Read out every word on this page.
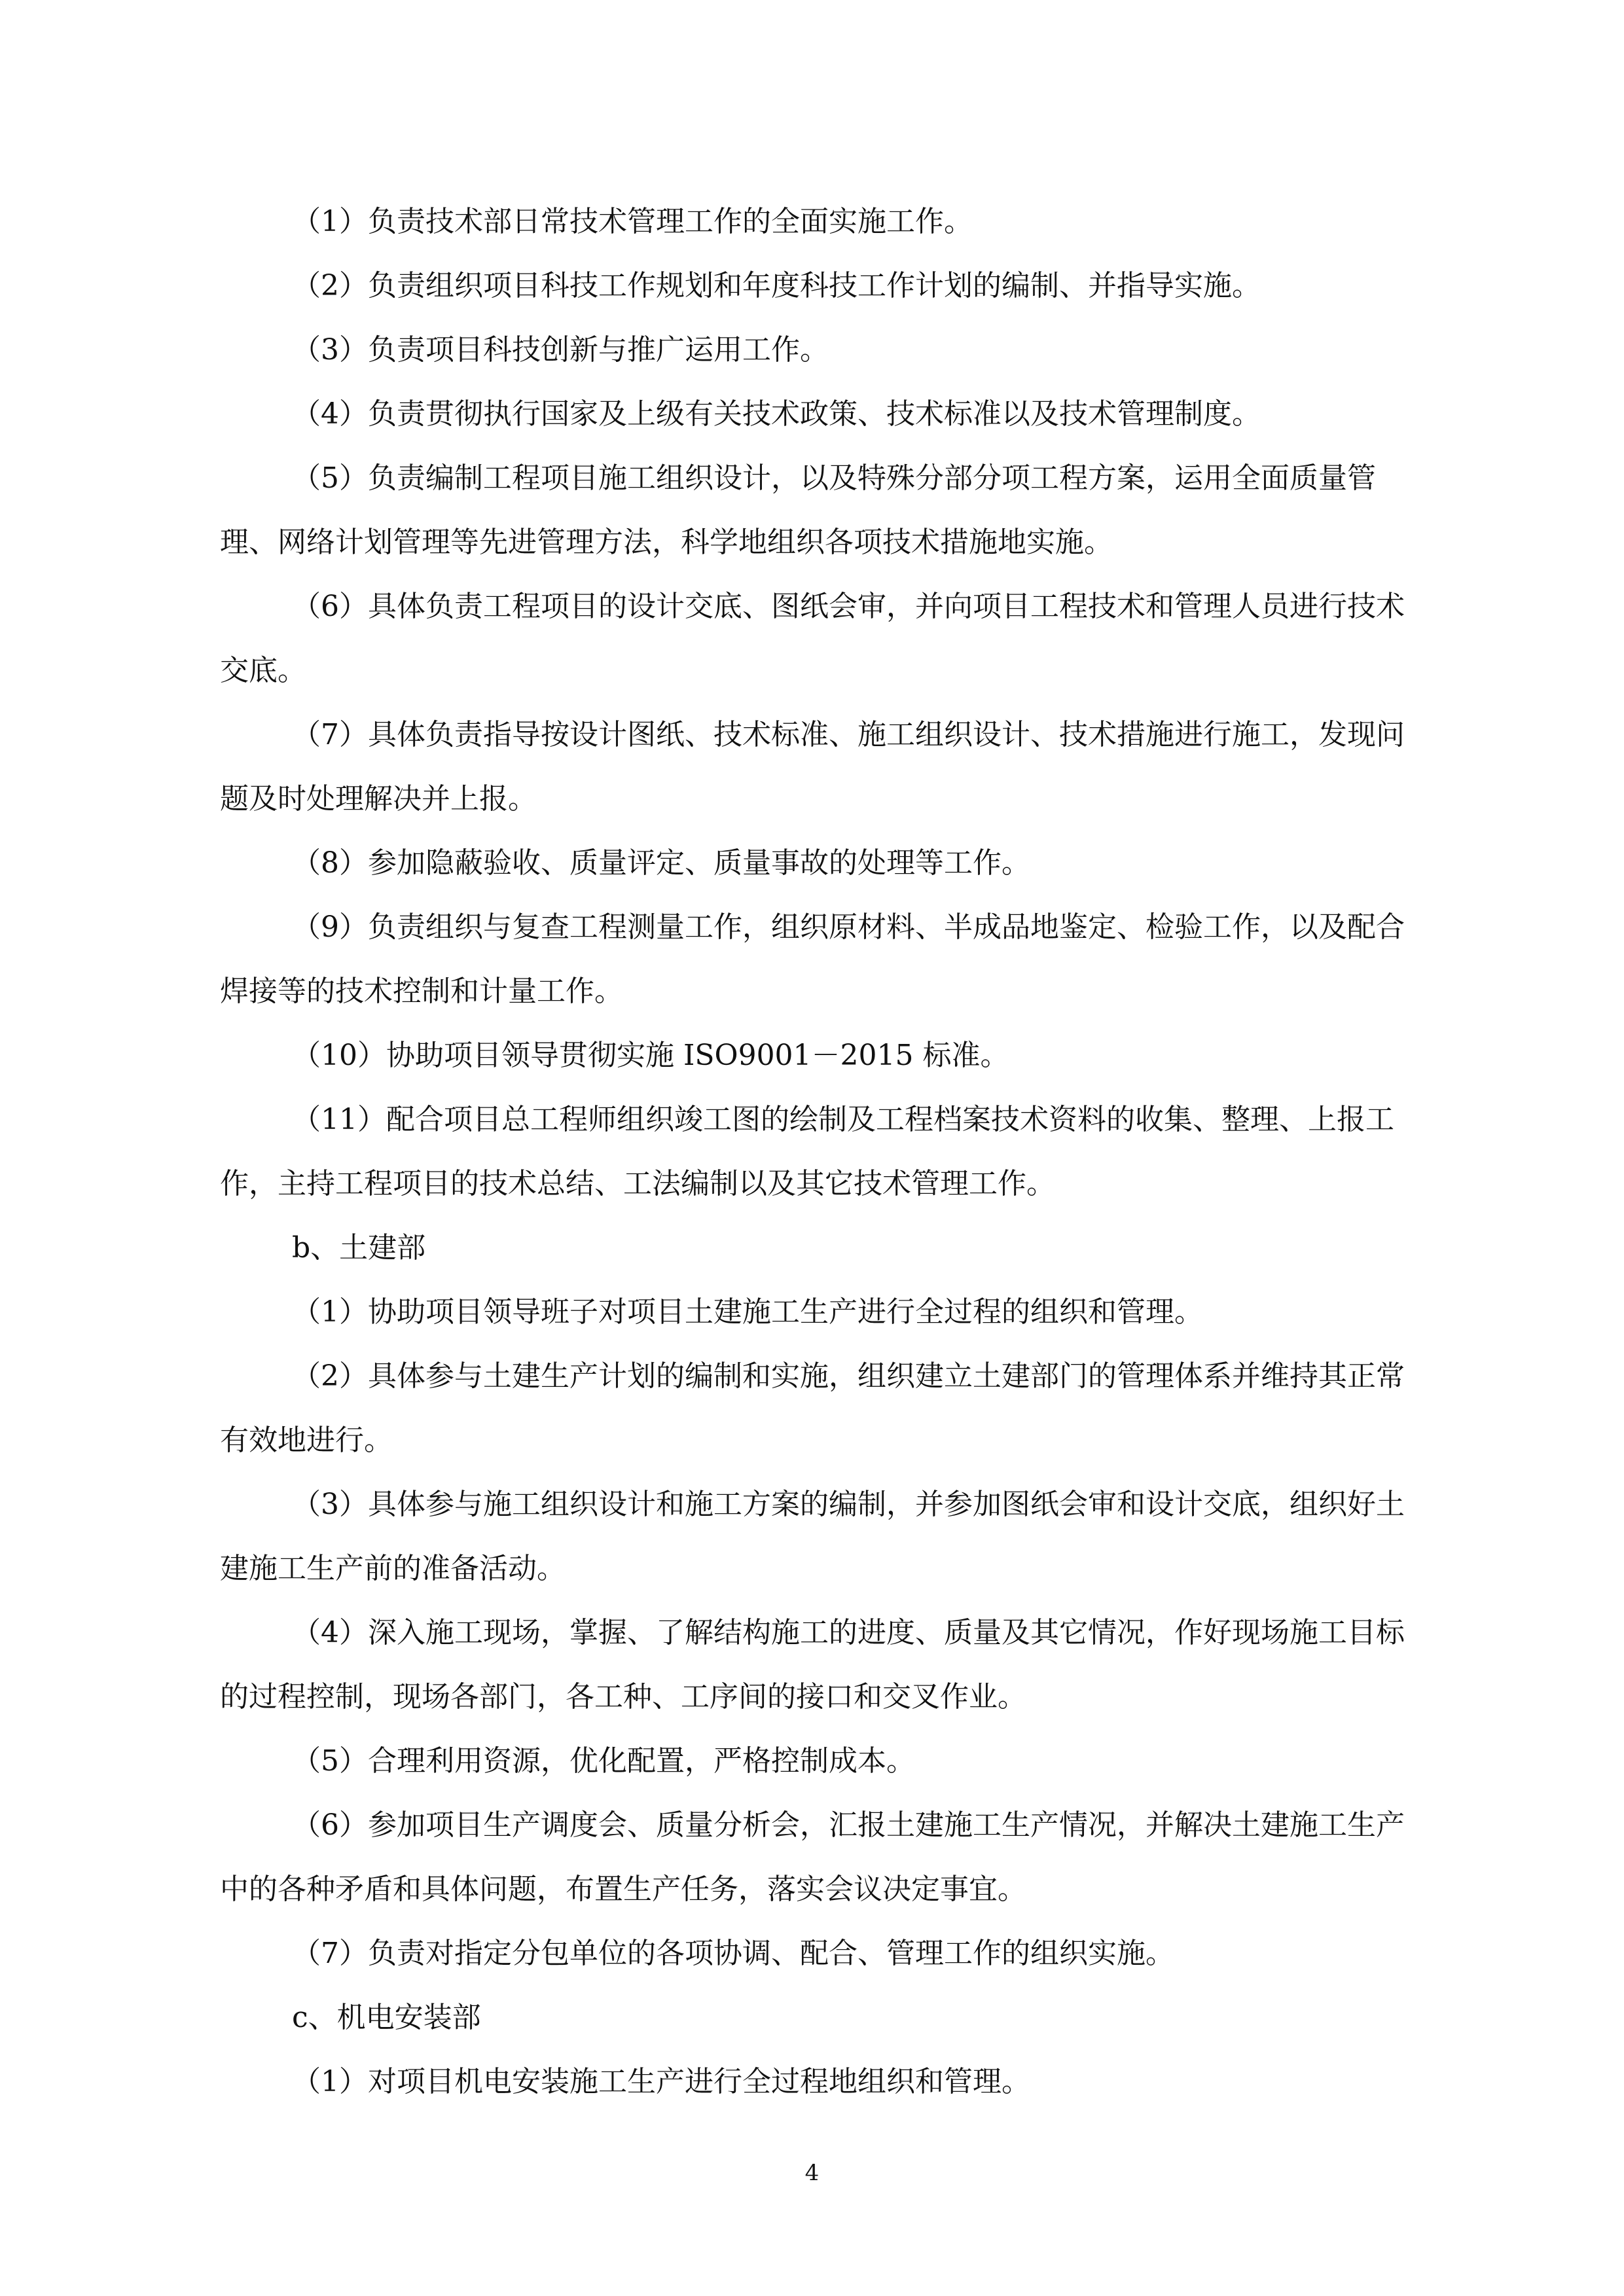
（1）负责技术部日常技术管理工作的全面实施工作。

（2）负责组织项目科技工作规划和年度科技工作计划的编制、并指导实施。

（3）负责项目科技创新与推广运用工作。

（4）负责贯彻执行国家及上级有关技术政策、技术标准以及技术管理制度。

（5）负责编制工程项目施工组织设计，以及特殊分部分项工程方案，运用全面质量管理、网络计划管理等先进管理方法，科学地组织各项技术措施地实施。

（6）具体负责工程项目的设计交底、图纸会审，并向项目工程技术和管理人员进行技术交底。

（7）具体负责指导按设计图纸、技术标准、施工组织设计、技术措施进行施工，发现问题及时处理解决并上报。

（8）参加隐蔽验收、质量评定、质量事故的处理等工作。

（9）负责组织与复查工程测量工作，组织原材料、半成品地鉴定、检验工作，以及配合焊接等的技术控制和计量工作。

（10）协助项目领导贯彻实施 ISO9001－2015 标准。

（11）配合项目总工程师组织竣工图的绘制及工程档案技术资料的收集、整理、上报工作，主持工程项目的技术总结、工法编制以及其它技术管理工作。

b、土建部

（1）协助项目领导班子对项目土建施工生产进行全过程的组织和管理。

（2）具体参与土建生产计划的编制和实施，组织建立土建部门的管理体系并维持其正常有效地进行。

（3）具体参与施工组织设计和施工方案的编制，并参加图纸会审和设计交底，组织好土建施工生产前的准备活动。

（4）深入施工现场，掌握、了解结构施工的进度、质量及其它情况，作好现场施工目标的过程控制，现场各部门，各工种、工序间的接口和交叉作业。

（5）合理利用资源，优化配置，严格控制成本。

（6）参加项目生产调度会、质量分析会，汇报土建施工生产情况，并解决土建施工生产中的各种矛盾和具体问题，布置生产任务，落实会议决定事宜。

（7）负责对指定分包单位的各项协调、配合、管理工作的组织实施。

c、机电安装部

（1）对项目机电安装施工生产进行全过程地组织和管理。

4
